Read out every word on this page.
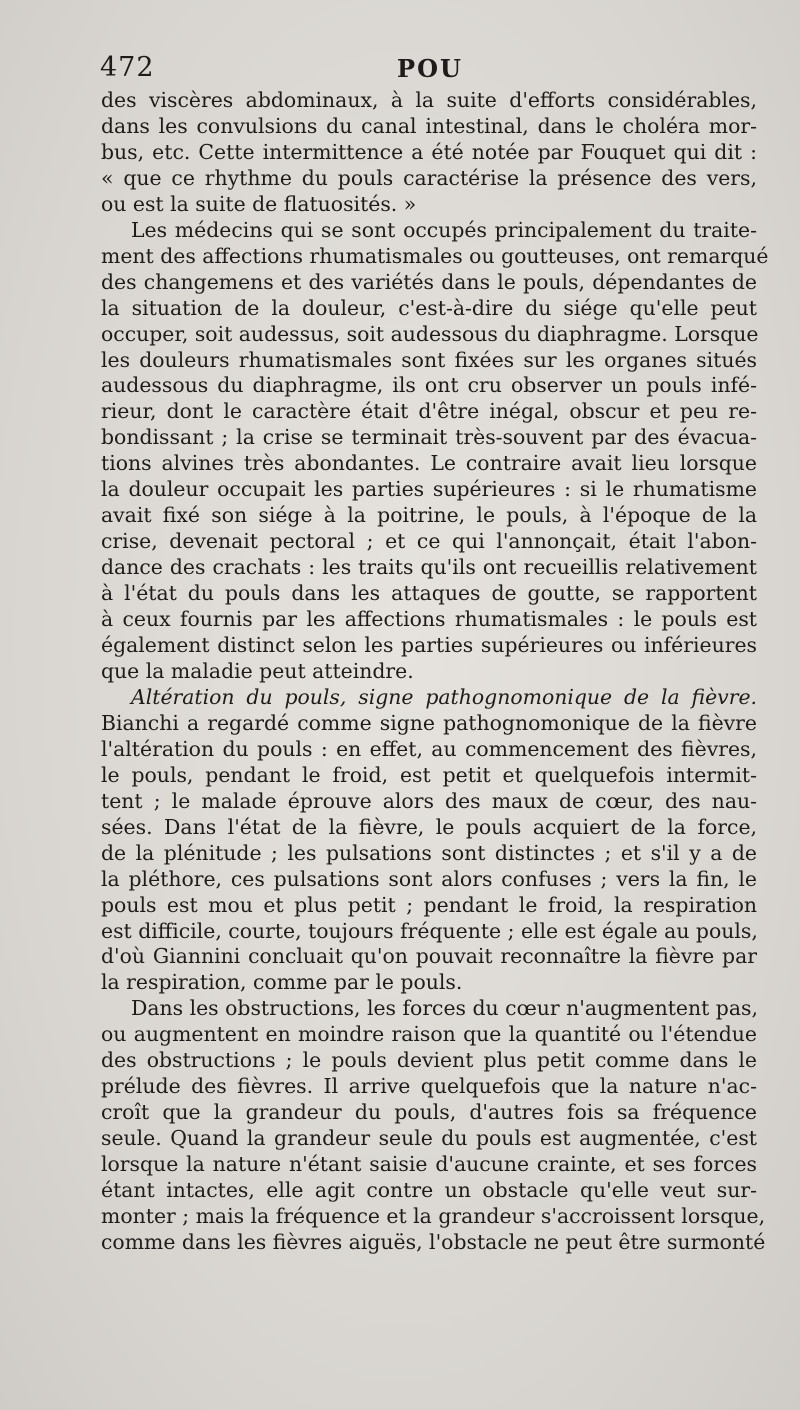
472	POU
des viscères abdominaux, à la suite d'efforts considérables,
dans les convulsions du canal intestinal, dans le choléra mor-
bus, etc. Cette intermittence a été notée par Fouquet qui dit :
« que ce rhythme du pouls caractérise la présence des vers,
ou est la suite de flatuosités. »
Les médecins qui se sont occupés principalement du traite-
ment des affections rhumatismales ou goutteuses, ont remarqué
des changemens et des variétés dans le pouls, dépendantes de
la situation de la douleur, c'est-à-dire du siége qu'elle peut
occuper, soit audessus, soit audessous du diaphragme. Lorsque
les douleurs rhumatismales sont fixées sur les organes situés
audessous du diaphragme, ils ont cru observer un pouls infé-
rieur, dont le caractère était d'être inégal, obscur et peu re-
bondissant ; la crise se terminait très-souvent par des évacua-
tions alvines très abondantes. Le contraire avait lieu lorsque
la douleur occupait les parties supérieures : si le rhumatisme
avait fixé son siége à la poitrine, le pouls, à l'époque de la
crise, devenait pectoral ; et ce qui l'annonçait, était l'abon-
dance des crachats : les traits qu'ils ont recueillis relativement
à l'état du pouls dans les attaques de goutte, se rapportent
à ceux fournis par les affections rhumatismales : le pouls est
également distinct selon les parties supérieures ou inférieures
que la maladie peut atteindre.
Altération du pouls, signe pathognomonique de la fièvre.
Bianchi a regardé comme signe pathognomonique de la fièvre
l'altération du pouls : en effet, au commencement des fièvres,
le pouls, pendant le froid, est petit et quelquefois intermit-
tent ; le malade éprouve alors des maux de cœur, des nau-
sées. Dans l'état de la fièvre, le pouls acquiert de la force,
de la plénitude ; les pulsations sont distinctes ; et s'il y a de
la pléthore, ces pulsations sont alors confuses ; vers la fin, le
pouls est mou et plus petit ; pendant le froid, la respiration
est difficile, courte, toujours fréquente ; elle est égale au pouls,
d'où Giannini concluait qu'on pouvait reconnaître la fièvre par
la respiration, comme par le pouls.
Dans les obstructions, les forces du cœur n'augmentent pas,
ou augmentent en moindre raison que la quantité ou l'étendue
des obstructions ; le pouls devient plus petit comme dans le
prélude des fièvres. Il arrive quelquefois que la nature n'ac-
croît que la grandeur du pouls, d'autres fois sa fréquence
seule. Quand la grandeur seule du pouls est augmentée, c'est
lorsque la nature n'étant saisie d'aucune crainte, et ses forces
étant intactes, elle agit contre un obstacle qu'elle veut sur-
monter ; mais la fréquence et la grandeur s'accroissent lorsque,
comme dans les fièvres aiguës, l'obstacle ne peut être surmonté
